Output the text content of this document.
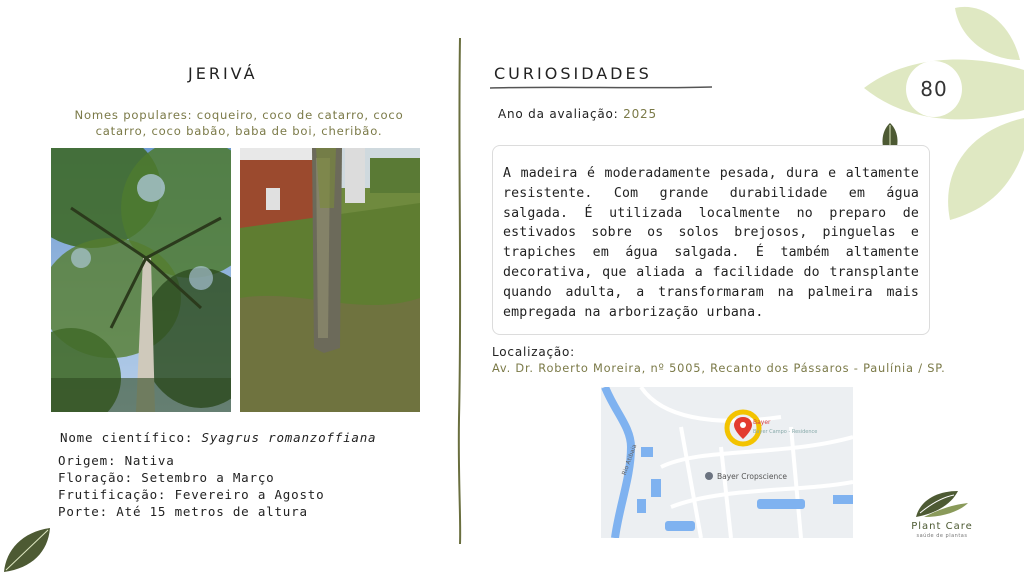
80
JERIVÁ
Nomes populares: coqueiro, coco de catarro, coco catarro, coco babão, baba de boi, cheribão.
Nome científico: Syagrus romanzoffiana
Origem: Nativa
Floração: Setembro a Março
Frutificação: Fevereiro a Agosto
Porte: Até 15 metros de altura
CURIOSIDADES
Ano da avaliação: 2025
A madeira é moderadamente pesada, dura e altamente resistente. Com grande durabilidade em água salgada. É utilizada localmente no preparo de estivados sobre os solos brejosos, pinguelas e trapiches em água salgada. É também altamente decorativa, que aliada a facilidade do transplante quando adulta, a transformaram na palmeira mais empregada na arborização urbana.
Localização:
Av. Dr. Roberto Moreira, nº 5005, Recanto dos Pássaros - Paulínia / SP.
Bayer
Bayer Campo - Residence
Bayer Cropscience
Rio Atibaia
Plant Care
saúde de plantas
